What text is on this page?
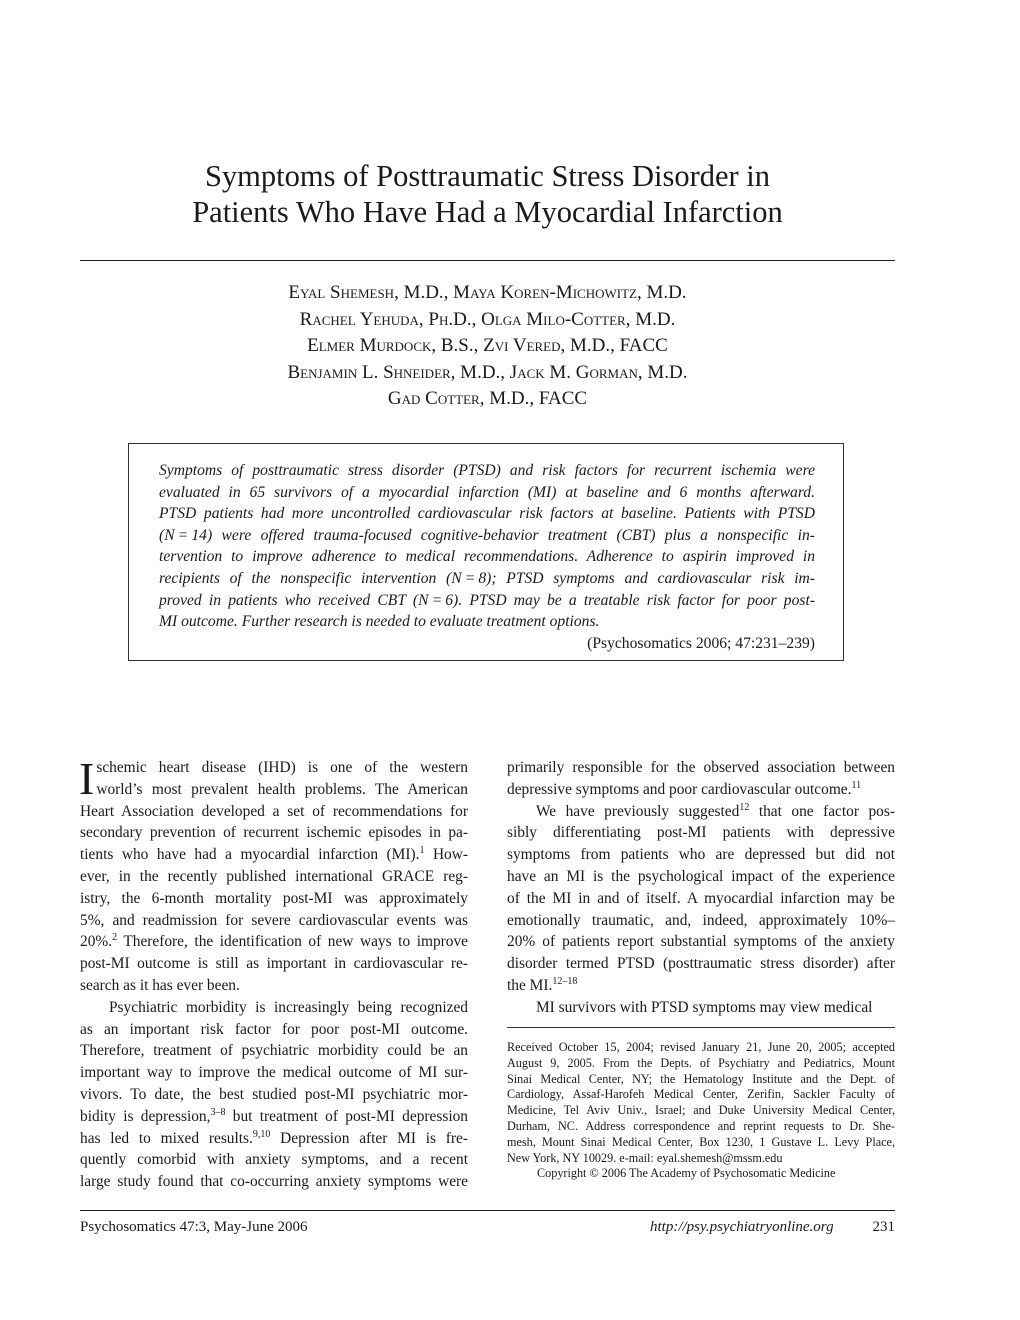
Symptoms of Posttraumatic Stress Disorder in
Patients Who Have Had a Myocardial Infarction
Eyal Shemesh, M.D., Maya Koren-Michowitz, M.D.
Rachel Yehuda, Ph.D., Olga Milo-Cotter, M.D.
Elmer Murdock, B.S., Zvi Vered, M.D., FACC
Benjamin L. Shneider, M.D., Jack M. Gorman, M.D.
Gad Cotter, M.D., FACC
Symptoms of posttraumatic stress disorder (PTSD) and risk factors for recurrent ischemia were
evaluated in 65 survivors of a myocardial infarction (MI) at baseline and 6 months afterward.
PTSD patients had more uncontrolled cardiovascular risk factors at baseline. Patients with PTSD
(N = 14) were offered trauma-focused cognitive-behavior treatment (CBT) plus a nonspecific in-
tervention to improve adherence to medical recommendations. Adherence to aspirin improved in
recipients of the nonspecific intervention (N = 8); PTSD symptoms and cardiovascular risk im-
proved in patients who received CBT (N = 6). PTSD may be a treatable risk factor for poor post-
MI outcome. Further research is needed to evaluate treatment options.
(Psychosomatics 2006; 47:231–239)
I schemic heart disease (IHD) is one of the western
world’s most prevalent health problems. The American
Heart Association developed a set of recommendations for
secondary prevention of recurrent ischemic episodes in pa-
tients who have had a myocardial infarction (MI).$^1$ How-
ever, in the recently published international GRACE reg-
istry, the 6-month mortality post-MI was approximately
5%, and readmission for severe cardiovascular events was
20%.$^2$ Therefore, the identification of new ways to improve
post-MI outcome is still as important in cardiovascular re-
search as it has ever been.
Psychiatric morbidity is increasingly being recognized
as an important risk factor for poor post-MI outcome.
Therefore, treatment of psychiatric morbidity could be an
important way to improve the medical outcome of MI sur-
vivors. To date, the best studied post-MI psychiatric mor-
bidity is depression,$^{3-8}$ but treatment of post-MI depression
has led to mixed results.$^{9,10}$ Depression after MI is fre-
quently comorbid with anxiety symptoms, and a recent
large study found that co-occurring anxiety symptoms were
primarily responsible for the observed association between
depressive symptoms and poor cardiovascular outcome.$^{11}$
We have previously suggested$^{12}$ that one factor pos-
sibly differentiating post-MI patients with depressive
symptoms from patients who are depressed but did not
have an MI is the psychological impact of the experience
of the MI in and of itself. A myocardial infarction may be
emotionally traumatic, and, indeed, approximately 10%–
20% of patients report substantial symptoms of the anxiety
disorder termed PTSD (posttraumatic stress disorder) after
the MI.$^{12-18}$
MI survivors with PTSD symptoms may view medical
Received October 15, 2004; revised January 21, June 20, 2005; accepted
August 9, 2005. From the Depts. of Psychiatry and Pediatrics, Mount
Sinai Medical Center, NY; the Hematology Institute and the Dept. of
Cardiology, Assaf-Harofeh Medical Center, Zerifin, Sackler Faculty of
Medicine, Tel Aviv Univ., Israel; and Duke University Medical Center,
Durham, NC. Address correspondence and reprint requests to Dr. She-
mesh, Mount Sinai Medical Center, Box 1230, 1 Gustave L. Levy Place,
New York, NY 10029. e-mail: eyal.shemesh@mssm.edu
Copyright © 2006 The Academy of Psychosomatic Medicine
Psychosomatics 47:3, May-June 2006	http://psy.psychiatryonline.org	231
